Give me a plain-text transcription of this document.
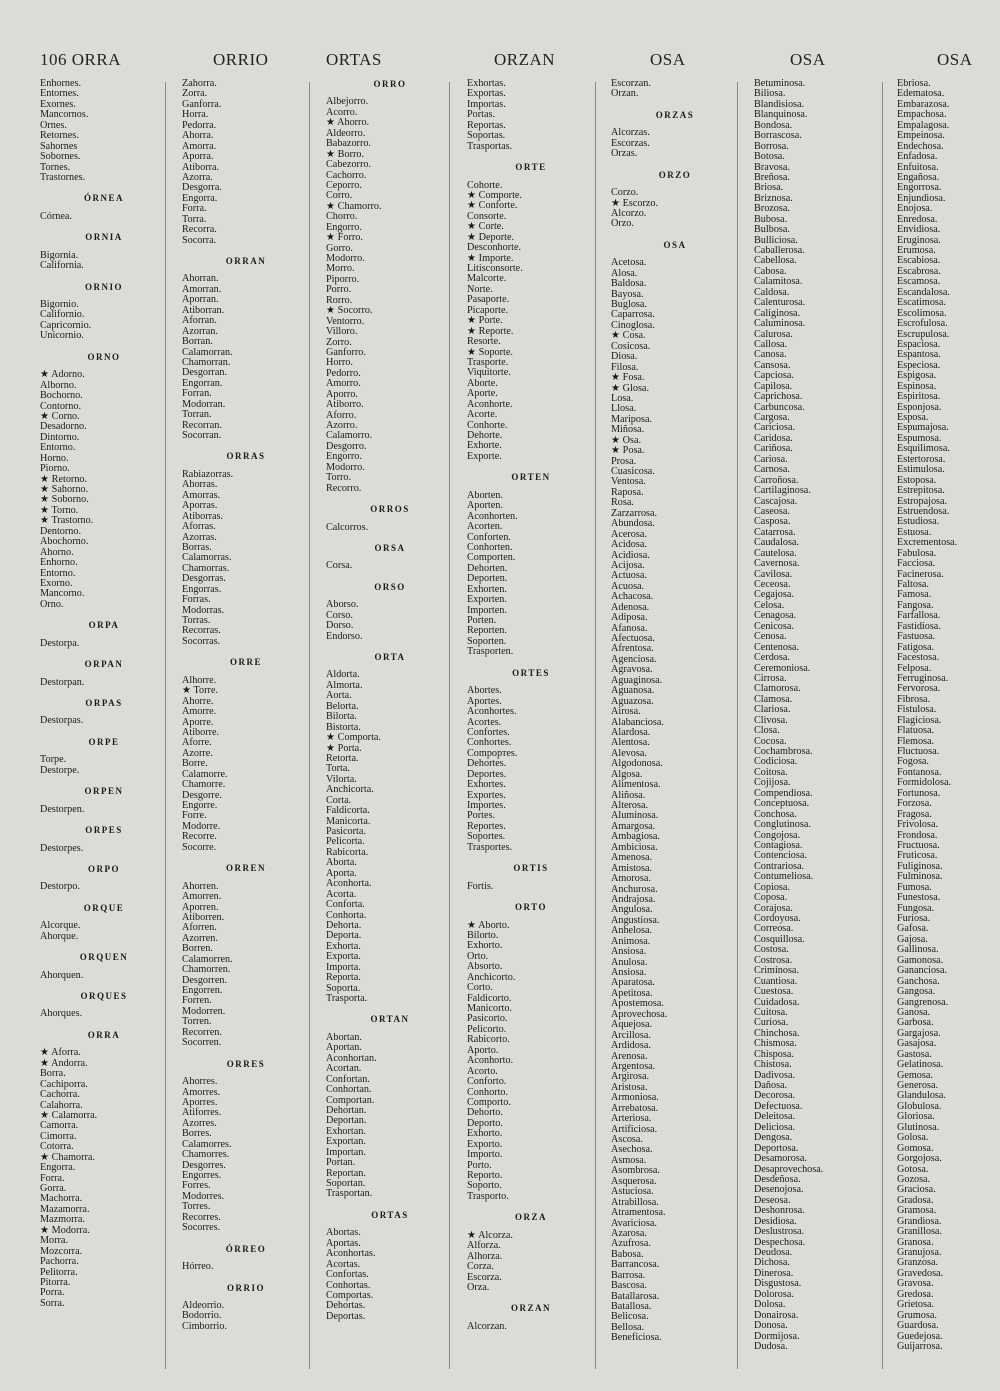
106 ORRA	ORRIO	ORTAS	ORZAN	OSA	OSA	OSA
Enhornes.
Entornes.
Exornes.
Mancornos.
Ornes.
Retornes.
Sahornes
Sobornes.
Tornes.
Trastornes.
ÓRNEA
Córnea.
ORNIA
Bigornia.
California.
ORNIO
Bigornio.
Californio.
Capricornio.
Unicornio.
ORNO
★ Adorno.
Alborno.
Bochorno.
Contorno.
★ Corno.
Desadorno.
Dintorno.
Entorno.
Horno.
Piorno.
★ Retorno.
★ Sahorno.
★ Soborno.
★ Torno.
★ Trastorno.
Dentorno.
Abochorno.
Ahorno.
Enhorno.
Entorno.
Exorno.
Mancorno.
Orno.
ORPA
Destorpa.
ORPAN
Destorpan.
ORPAS
Destorpas.
ORPE
Torpe.
Destorpe.
ORPEN
Destorpen.
ORPES
Destorpes.
ORPO
Destorpo.
ORQUE
Alcorque.
Ahorque.
ORQUEN
Ahorquen.
ORQUES
Ahorques.
ORRA
★ Aforra.
★ Andorra.
Borra.
Cachiporra.
Cachorra.
Calahorra.
★ Calamorra.
Camorra.
Cimorra.
Cotorra.
★ Chamorra.
Engorra.
Forra.
Gorra.
Machorra.
Mazamorra.
Mazmorra.
★ Modorra.
Morra.
Mozcorra.
Pachorra.
Pelitorra.
Pitorra.
Porra.
Sorra.
Zahorra.
Zorra.
Ganforra.
Horra.
Pedorra.
Ahorra.
Amorra.
Aporra.
Atiborra.
Azorra.
Desgorra.
Engorra.
Forra.
Torra.
Recorra.
Socorra.
ORRAN
Ahorran.
Amorran.
Aporran.
Atiborran.
Aforran.
Azorran.
Borran.
Calamorran.
Chamorran.
Desgorran.
Engorran.
Forran.
Modorran.
Torran.
Recorran.
Socorran.
ORRAS
Rabiazorras.
Ahorras.
Amorras.
Aporras.
Atiborras.
Aforras.
Azorras.
Borras.
Calamorras.
Chamorras.
Desgorras.
Engorras.
Forras.
Modorras.
Torras.
Recorras.
Socorras.
ORRE
Alhorre.
★ Torre.
Ahorre.
Amorre.
Aporre.
Atiborre.
Aforre.
Azorre.
Borre.
Calamorre.
Chamorre.
Desgorre.
Engorre.
Forre.
Modorre.
Recorre.
Socorre.
ORREN
Ahorren.
Amorren.
Aporren.
Atiborren.
Aforren.
Azorren.
Borren.
Calamorren.
Chamorren.
Desgorren.
Engorren.
Forren.
Modorren.
Torren.
Recorren.
Socorren.
ORRES
Ahorres.
Amorres.
Aporres.
Atiforres.
Azorres.
Borres.
Calamorres.
Chamorres.
Desgorres.
Engorres.
Forres.
Modorres.
Torres.
Recorres.
Socorres.
ÓRREO
Hórreo.
ORRIO
Aldeorrio.
Bodorrio.
Cimborrio.
ORRO
Albejorro.
Acorro.
★ Ahorro.
Aldeorro.
Babazorro.
★ Borro.
Cabezorro.
Cachorro.
Ceporro.
Corro.
★ Chamorro.
Chorro.
Engorro.
★ Forro.
Gorro.
Modorro.
Morro.
Piporro.
Porro.
Rorro.
★ Socorro.
Ventorro.
Villoro.
Zorro.
Ganforro.
Horro.
Pedorro.
Amorro.
Aporro.
Atiborro.
Aforro.
Azorro.
Calamorro.
Desgorro.
Engorro.
Modorro.
Torro.
Recorro.
ORROS
Calcorros.
ORSA
Corsa.
ORSO
Aborso.
Corso.
Dorso.
Endorso.
ORTA
Aldorta.
Almorta.
Aorta.
Belorta.
Bilorta.
Bistorta.
★ Comporta.
★ Porta.
Retorta.
Torta.
Vilorta.
Anchicorta.
Corta.
Faldicorta.
Manicorta.
Pasicorta.
Pelicorta.
Rabicorta.
Aborta.
Aporta.
Aconhorta.
Acorta.
Conforta.
Conhorta.
Dehorta.
Deporta.
Exhorta.
Exporta.
Importa.
Reporta.
Soporta.
Trasporta.
ORTAN
Abortan.
Aportan.
Aconhortan.
Acortan.
Confortan.
Conhortan.
Comportan.
Dehortan.
Deportan.
Exhortan.
Exportan.
Importan.
Portan.
Reportan.
Soportan.
Trasportan.
ORTAS
Abortas.
Aportas.
Aconhortas.
Acortas.
Confortas.
Conhortas.
Comportas.
Dehortas.
Deportas.
Exhortas.
Exportas.
Importas.
Portas.
Reportas.
Soportas.
Trasportas.
ORTE
Cohorte.
★ Comporte.
★ Conforte.
Consorte.
★ Corte.
★ Deporte.
Desconhorte.
★ Importe.
Litisconsorte.
Malcorte.
Norte.
Pasaporte.
Picaporte.
★ Porte.
★ Reporte.
Resorte.
★ Soporte.
Trasporte.
Viquitorte.
Aborte.
Aporte.
Aconhorte.
Acorte.
Conhorte.
Dehorte.
Exhorte.
Exporte.
ORTEN
Aborten.
Aporten.
Aconhorten.
Acorten.
Conforten.
Conhorten.
Comporten.
Dehorten.
Deporten.
Exhorten.
Exporten.
Importen.
Porten.
Reporten.
Soporten.
Trasporten.
ORTES
Abortes.
Aportes.
Aconhortes.
Acortes.
Confortes.
Conhortes.
Compортes.
Dehortes.
Deportes.
Exhortes.
Exportes.
Importes.
Portes.
Reportes.
Soportes.
Trasportes.
ORTIS
Fortis.
ORTO
★ Aborto.
Bilorto.
Exhorto.
Orto.
Absorto.
Anchicorto.
Corto.
Faldicorto.
Manicorto.
Pasicorto.
Pelicorto.
Rabicorto.
Aporto.
Aconhorto.
Acorto.
Conforto.
Conhorto.
Comporto.
Dehorto.
Deporto.
Exhorto.
Exporto.
Importo.
Porto.
Reporto.
Soporto.
Trasporto.
ORZA
★ Alcorza.
Alforza.
Alhorza.
Corza.
Escorza.
Orza.
ORZAN
Alcorzan.
Escorzan.
Orzan.
ORZAS
Alcorzas.
Escorzas.
Orzas.
ORZO
Corzo.
★ Escorzo.
Alcorzo.
Orzo.
OSA
Acetosa.
Alosa.
Baldosa.
Bayosa.
Buglosa.
Caparrosa.
Cinoglosa.
★ Cosa.
Cosicosa.
Diosa.
Filosa.
★ Fosa.
★ Glosa.
Losa.
Llosa.
Mariposa.
Miñosa.
★ Osa.
★ Posa.
Prosa.
Cuasicosa.
Ventosa.
Raposa.
Rosa.
Zarzarrosa.
Abundosa.
Acerosa.
Acidosa.
Acidiosa.
Acijosa.
Actuosa.
Acuosa.
Achacosa.
Adenosa.
Adiposa.
Afanosa.
Afectuosa.
Afrentosa.
Agenciosa.
Agravosa.
Aguaginosa.
Aguanosa.
Aguazosa.
Airosa.
Alabanciosa.
Alardosa.
Alentosa.
Alevosa.
Algodonosa.
Algosa.
Alimentosa.
Aliñosa.
Alterosa.
Aluminosa.
Amargosa.
Ambagiosa.
Ambiciosa.
Amenosa.
Amistosa.
Amorosa.
Anchurosa.
Andrajosa.
Angulosa.
Angustiosa.
Anhelosa.
Animosa.
Ansiosa.
Anulosa.
Ansiosa.
Aparatosa.
Apetitosa.
Apostemosa.
Aprovechosa.
Aquejosa.
Arcillosa.
Ardidosa.
Arenosa.
Argentosa.
Argirosa.
Aristosa.
Armoniosa.
Arrebatosa.
Arteriosa.
Artificiosa.
Ascosa.
Asechosa.
Asmosa.
Asombrosa.
Asquerosa.
Astuciosa.
Atrabillosa.
Atramentosa.
Avariciosa.
Azarosa.
Azufrosa.
Babosa.
Barrancosa.
Barrosa.
Bascosa.
Batallarosa.
Batallosa.
Belicosa.
Bellosa.
Beneficiosa.
Betuminosa.
Biliosa.
Blandisiosa.
Blanquinosa.
Bondosa.
Borrascosa.
Borrosa.
Botosa.
Bravosa.
Breñosa.
Briosa.
Briznosa.
Brozosa.
Bubosa.
Bulbosa.
Bulliciosa.
Caballerosa.
Cabellosa.
Cabosa.
Calamitosa.
Caldosa.
Calenturosa.
Caliginosa.
Caluminosa.
Calurosa.
Callosa.
Canosa.
Cansosa.
Capciosa.
Capilosa.
Caprichosa.
Carbuncosa.
Cargosa.
Cariciosa.
Caridosa.
Cariñosa.
Cariosa.
Carnosa.
Carroñosa.
Cartilaginosa.
Cascajosa.
Caseosa.
Casposa.
Catarrosa.
Caudalosa.
Cautelosa.
Cavernosa.
Cavilosa.
Ceceosa.
Cegajosa.
Celosa.
Cenagosa.
Cenicosa.
Cenosa.
Centenosa.
Cerdosa.
Ceremoniosa.
Cirrosa.
Clamorosa.
Clamosa.
Clariosa.
Clivosa.
Closa.
Cocosa.
Cochambrosa.
Codiciosa.
Coitosa.
Cojijosa.
Compendiosa.
Conceptuosa.
Conchosa.
Conglutinosa.
Congojosa.
Contagiosa.
Contenciosa.
Contrariosa.
Contumeliosa.
Copiosa.
Coposa.
Corajosa.
Cordoyosa.
Correosa.
Cosquillosa.
Costosa.
Costrosa.
Criminosa.
Cuantiosa.
Cuestosa.
Cuidadosa.
Cuitosa.
Curiosa.
Chinchosa.
Chismosa.
Chisposa.
Chistosa.
Dadivosa.
Dañosa.
Decorosa.
Defectuosa.
Deleitosa.
Deliciosa.
Dengosa.
Deportosa.
Desamorosa.
Desaprovechosa.
Desdeñosa.
Desenojosa.
Deseosa.
Deshonrosa.
Desidiosa.
Deslustrosa.
Despechosa.
Deudosa.
Dichosa.
Dinerosa.
Disgustosa.
Dolorosa.
Dolosa.
Donairosa.
Donosa.
Dormijosa.
Dudosa.
Ebriosa.
Edematosa.
Embarazosa.
Empachosa.
Empalagosa.
Empeinosa.
Endechosa.
Enfadosa.
Enfuitosa.
Engañosa.
Engorrosa.
Enjundiosa.
Enojosa.
Enredosa.
Envidiosa.
Eruginosa.
Erumosa.
Escabiosa.
Escabrosa.
Escamosa.
Escandalosa.
Escatimosa.
Escolimosa.
Escrofulosa.
Escrupulosa.
Espaciosa.
Espantosa.
Especiosa.
Espigosa.
Espinosa.
Espiritosa.
Esponjosa.
Esposa.
Espumajosa.
Espumosa.
Esquilimosa.
Estertorosa.
Estimulosa.
Estoposa.
Estrepitosa.
Estropajosa.
Estruendosa.
Estudiosa.
Estuosa.
Excrementosa.
Fabulosa.
Facciosa.
Facinerosa.
Faltosa.
Famosa.
Fangosa.
Farfallosa.
Fastidiosa.
Fastuosa.
Fatigosa.
Facestosa.
Felposa.
Ferruginosa.
Fervorosa.
Fibrosa.
Fistulosa.
Flagiciosa.
Flatuosa.
Flemosa.
Fluctuosa.
Fogosa.
Fontanosa.
Formidolosa.
Fortunosa.
Forzosa.
Fragosa.
Frivolosa.
Frondosa.
Fructuosa.
Fruticosa.
Fuliginosa.
Fulminosa.
Fumosa.
Funestosa.
Fungosa.
Furiosa.
Gafosa.
Gajosa.
Gallinosa.
Gamonosa.
Gananciosa.
Ganchosa.
Gangosa.
Gangrenosa.
Ganosa.
Garbosa.
Gargajosa.
Gasajosa.
Gastosa.
Gelatinosa.
Gemosa.
Generosa.
Glandulosa.
Globulosa.
Gloriosa.
Glutinosa.
Golosa.
Gomosa.
Gorgojosa.
Gotosa.
Gozosa.
Graciosa.
Gradosa.
Gramosa.
Grandiosa.
Granillosa.
Granosa.
Granujosa.
Granzosa.
Gravedosa.
Gravosa.
Gredosa.
Grietosa.
Grumosa.
Guardosa.
Guedejosa.
Guijarrosa.
